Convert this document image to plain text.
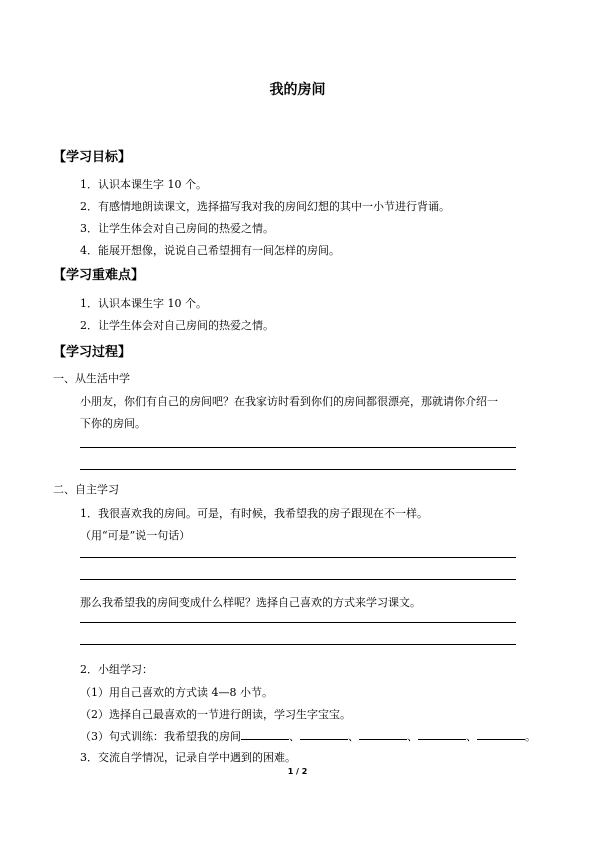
我的房间
【学习目标】
1．认识本课生字 10 个。
2．有感情地朗读课文，选择描写我对我的房间幻想的其中一小节进行背诵。
3．让学生体会对自己房间的热爱之情。
4．能展开想像，说说自己希望拥有一间怎样的房间。
【学习重难点】
1．认识本课生字 10 个。
2．让学生体会对自己房间的热爱之情。
【学习过程】
一、从生活中学
小朋友，你们有自己的房间吧？在我家访时看到你们的房间都很漂亮，那就请你介绍一
下你的房间。
二、自主学习
1．我很喜欢我的房间。可是，有时候，我希望我的房子跟现在不一样。
（用“可是”说一句话）
那么我希望我的房间变成什么样呢？选择自己喜欢的方式来学习课文。
2．小组学习：
（1）用自己喜欢的方式读 4—8 小节。
（2）选择自己最喜欢的一节进行朗读，学习生字宝宝。
（3）句式训练：我希望我的房间	、	、	、	、	。
3．交流自学情况，记录自学中遇到的困难。
1 / 2
